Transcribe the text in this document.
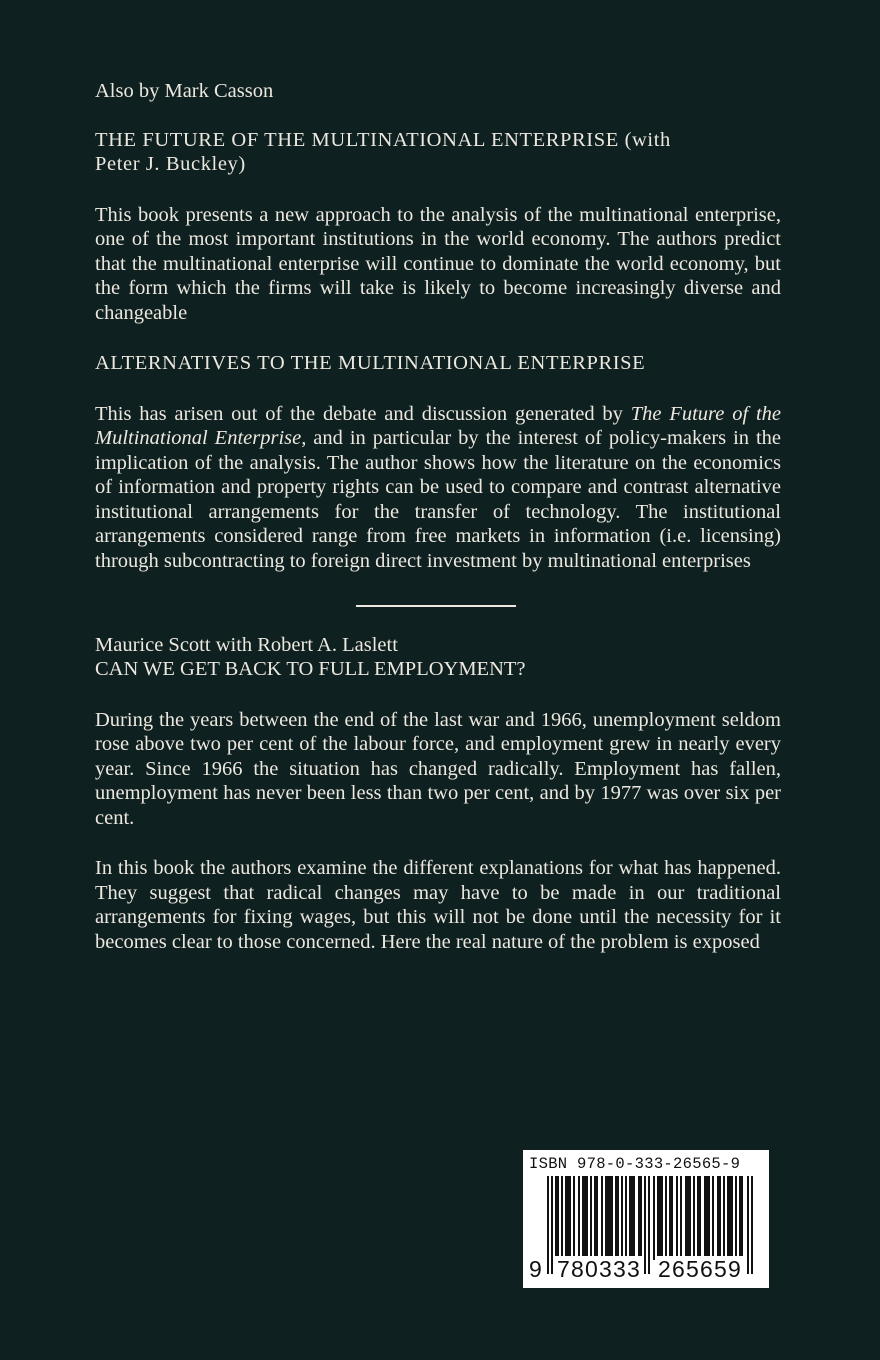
Also by Mark Casson

THE FUTURE OF THE MULTINATIONAL ENTERPRISE (with
Peter J. Buckley)

This book presents a new approach to the analysis of the multinational enterprise, one of the most important institutions in the world economy. The authors predict that the multinational enterprise will continue to dominate the world economy, but the form which the firms will take is likely to become increasingly diverse and changeable

ALTERNATIVES TO THE MULTINATIONAL ENTERPRISE

This has arisen out of the debate and discussion generated by The Future of the Multinational Enterprise, and in particular by the interest of policy-makers in the implication of the analysis. The author shows how the literature on the economics of information and property rights can be used to compare and contrast alternative institutional arrangements for the transfer of technology. The institutional arrangements considered range from free markets in information (i.e. licensing) through subcontracting to foreign direct investment by multinational enterprises

Maurice Scott with Robert A. Laslett

CAN WE GET BACK TO FULL EMPLOYMENT?

During the years between the end of the last war and 1966, unemployment seldom rose above two per cent of the labour force, and employment grew in nearly every year. Since 1966 the situation has changed radically. Employment has fallen, unemployment has never been less than two per cent, and by 1977 was over six per cent.

In this book the authors examine the different explanations for what has happened. They suggest that radical changes may have to be made in our traditional arrangements for fixing wages, but this will not be done until the necessity for it becomes clear to those concerned. Here the real nature of the problem is exposed

ISBN 978-0-333-26565-9
9 780333 265659
